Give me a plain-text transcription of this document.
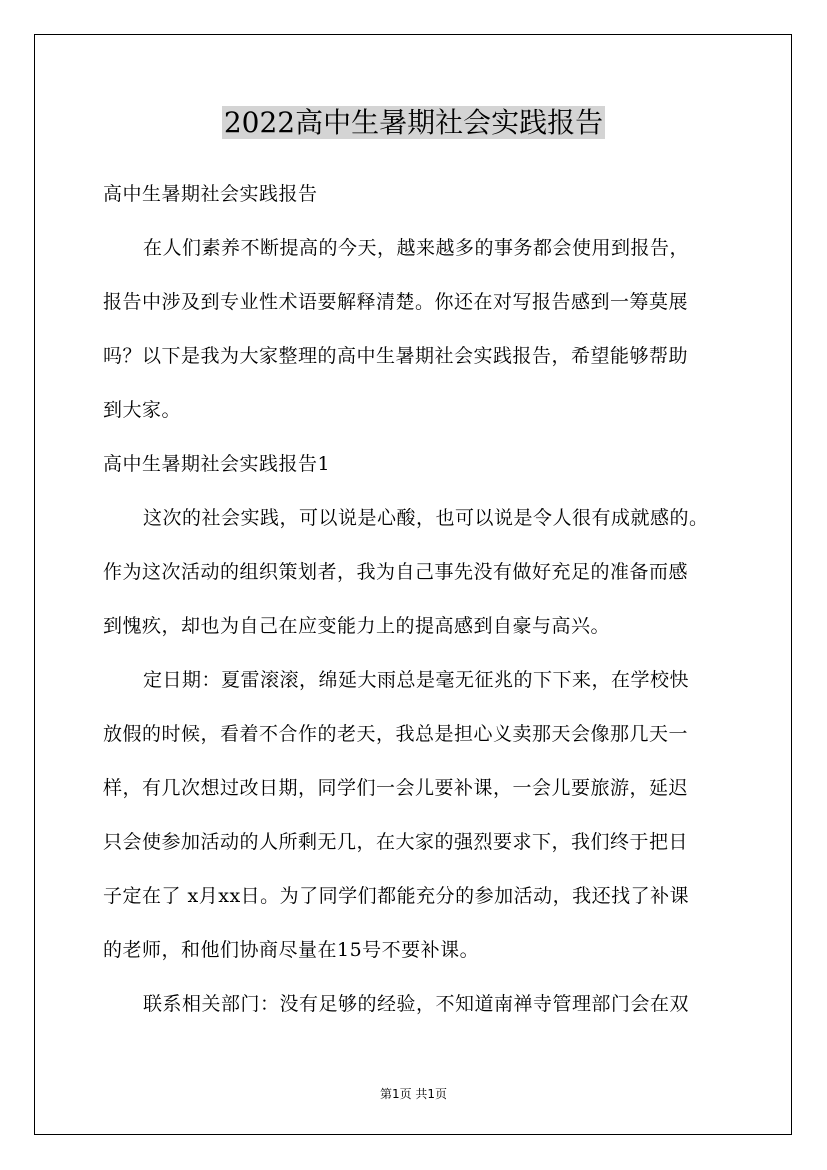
2022高中生暑期社会实践报告
高中生暑期社会实践报告
在人们素养不断提高的今天，越来越多的事务都会使用到报告，
报告中涉及到专业性术语要解释清楚。你还在对写报告感到一筹莫展
吗？以下是我为大家整理的高中生暑期社会实践报告，希望能够帮助
到大家。
高中生暑期社会实践报告1
这次的社会实践，可以说是心酸，也可以说是令人很有成就感的。
作为这次活动的组织策划者，我为自己事先没有做好充足的准备而感
到愧疚，却也为自己在应变能力上的提高感到自豪与高兴。
定日期：夏雷滚滚，绵延大雨总是毫无征兆的下下来，在学校快
放假的时候，看着不合作的老天，我总是担心义卖那天会像那几天一
样，有几次想过改日期，同学们一会儿要补课，一会儿要旅游，延迟
只会使参加活动的人所剩无几，在大家的强烈要求下，我们终于把日
子定在了 x月xx日。为了同学们都能充分的参加活动，我还找了补课
的老师，和他们协商尽量在15号不要补课。
联系相关部门：没有足够的经验，不知道南禅寺管理部门会在双
第1页 共1页
